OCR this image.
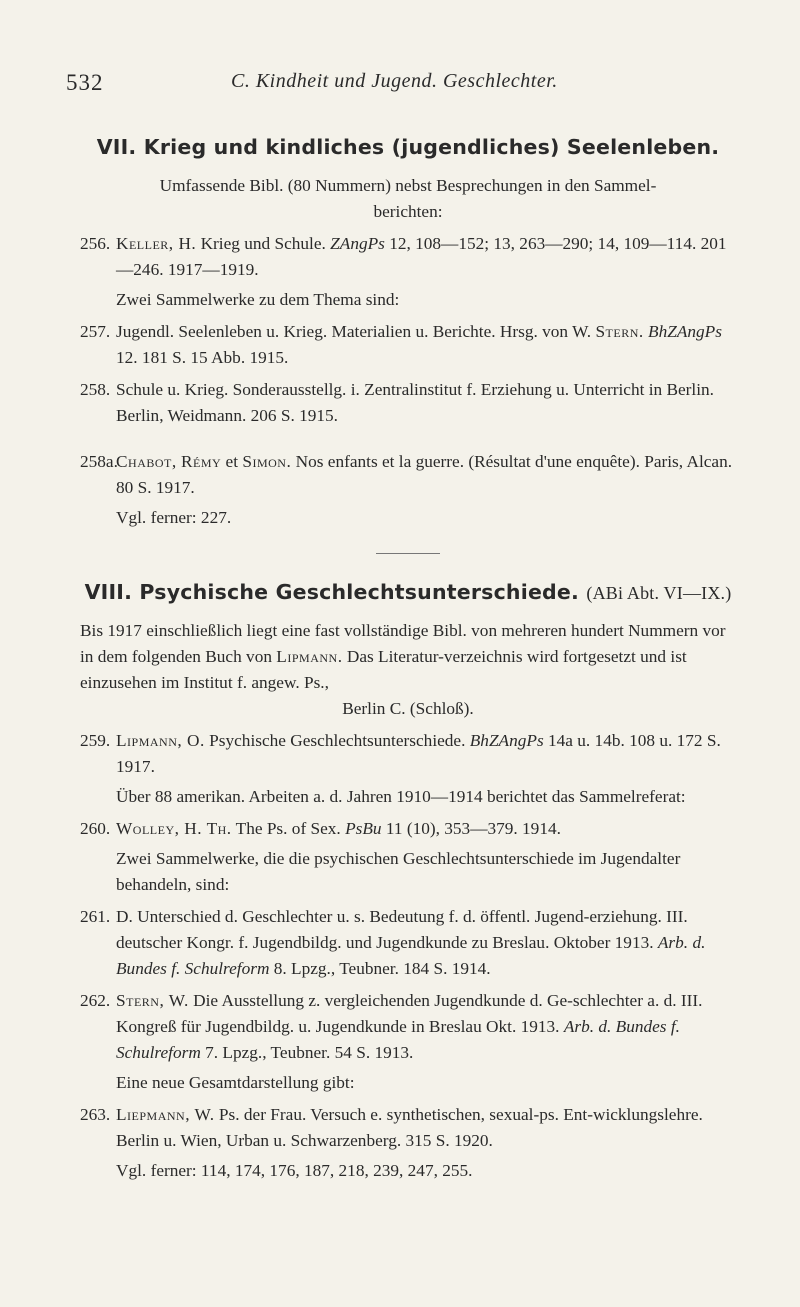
532	C. Kindheit und Jugend. Geschlechter.
VII. Krieg und kindliches (jugendliches) Seelenleben.

Umfassende Bibl. (80 Nummern) nebst Besprechungen in den Sammel-

berichten:

256. Keller, H. Krieg und Schule. ZAngPs 12, 108—152; 13, 263—290; 14, 109—114. 201—246. 1917—1919.

Zwei Sammelwerke zu dem Thema sind:

257. Jugendl. Seelenleben u. Krieg. Materialien u. Berichte. Hrsg. von W. Stern. BhZAngPs 12. 181 S. 15 Abb. 1915.

258. Schule u. Krieg. Sonderausstellg. i. Zentralinstitut f. Erziehung u. Unterricht in Berlin. Berlin, Weidmann. 206 S. 1915.

258a.Chabot, Rémy et Simon. Nos enfants et la guerre. (Résultat d'une enquête). Paris, Alcan. 80 S. 1917.

Vgl. ferner: 227.

VIII. Psychische Geschlechtsunterschiede. (ABi Abt. VI—IX.)

Bis 1917 einschließlich liegt eine fast vollständige Bibl. von mehreren hundert Nummern vor in dem folgenden Buch von Lipmann. Das Literatur-verzeichnis wird fortgesetzt und ist einzusehen im Institut f. angew. Ps.,

Berlin C. (Schloß).

259. Lipmann, O. Psychische Geschlechtsunterschiede. BhZAngPs 14a u. 14b. 108 u. 172 S. 1917.

Über 88 amerikan. Arbeiten a. d. Jahren 1910—1914 berichtet das Sammelreferat:

260. Wolley, H. Th. The Ps. of Sex. PsBu 11 (10), 353—379. 1914.

Zwei Sammelwerke, die die psychischen Geschlechtsunterschiede im Jugendalter behandeln, sind:

261. D. Unterschied d. Geschlechter u. s. Bedeutung f. d. öffentl. Jugend-erziehung. III. deutscher Kongr. f. Jugendbildg. und Jugendkunde zu Breslau. Oktober 1913. Arb. d. Bundes f. Schulreform 8. Lpzg., Teubner. 184 S. 1914.

262. Stern, W. Die Ausstellung z. vergleichenden Jugendkunde d. Ge-schlechter a. d. III. Kongreß für Jugendbildg. u. Jugendkunde in Breslau Okt. 1913. Arb. d. Bundes f. Schulreform 7. Lpzg., Teubner. 54 S. 1913.

Eine neue Gesamtdarstellung gibt:

263. Liepmann, W. Ps. der Frau. Versuch e. synthetischen, sexual-ps. Ent-wicklungslehre. Berlin u. Wien, Urban u. Schwarzenberg. 315 S. 1920.

Vgl. ferner: 114, 174, 176, 187, 218, 239, 247, 255.
